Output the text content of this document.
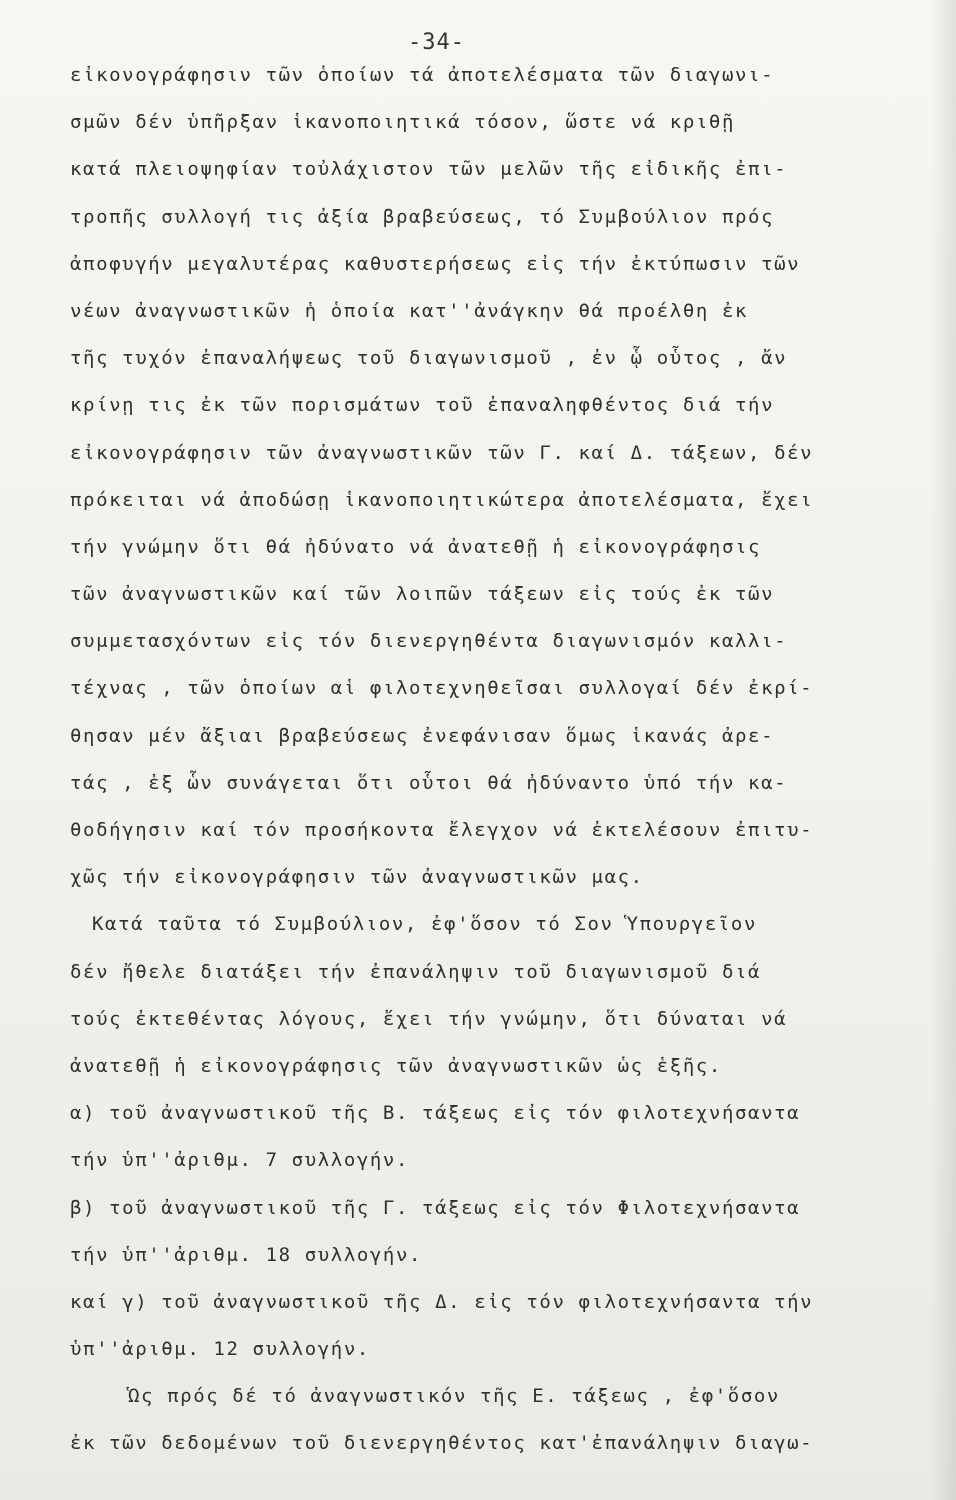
-34-
εἰκονογράφησιν τῶν ὁποίων τά ἀποτελέσματα τῶν διαγωνι-
σμῶν δέν ὑπῆρξαν ἱκανοποιητικά τόσον, ὥστε νά κριθῇ
κατά πλειοψηφίαν τοὐλάχιστον τῶν μελῶν τῆς εἰδικῆς ἐπι-
τροπῆς συλλογή τις ἀξία βραβεύσεως, τό Συμβούλιον πρός
ἀποφυγήν μεγαλυτέρας καθυστερήσεως εἰς τήν ἐκτύπωσιν τῶν
νέων ἀναγνωστικῶν ἡ ὁποία κατ''ἀνάγκην θά προέλθη ἐκ
τῆς τυχόν ἐπαναλήψεως τοῦ διαγωνισμοῦ , ἐν ᾧ οὗτος , ἄν
κρίνῃ τις ἐκ τῶν πορισμάτων τοῦ ἐπαναληφθέντος διά τήν
εἰκονογράφησιν τῶν ἀναγνωστικῶν τῶν Γ. καί Δ. τάξεων, δέν
πρόκειται νά ἀποδώσῃ ἱκανοποιητικώτερα ἀποτελέσματα, ἔχει
τήν γνώμην ὅτι θά ἠδύνατο νά ἀνατεθῇ ἡ εἰκονογράφησις
τῶν ἀναγνωστικῶν καί τῶν λοιπῶν τάξεων εἰς τούς ἐκ τῶν
συμμετασχόντων εἰς τόν διενεργηθέντα διαγωνισμόν καλλι-
τέχνας , τῶν ὁποίων αἱ φιλοτεχνηθεῖσαι συλλογαί δέν ἐκρί-
θησαν μέν ἄξιαι βραβεύσεως ἐνεφάνισαν ὅμως ἱκανάς ἀρε-
τάς , ἐξ ὧν συνάγεται ὅτι οὗτοι θά ἠδύναντο ὑπό τήν κα-
θοδήγησιν καί τόν προσήκοντα ἔλεγχον νά ἐκτελέσουν ἐπιτυ-
χῶς τήν εἰκονογράφησιν τῶν ἀναγνωστικῶν μας.
Κατά ταῦτα τό Συμβούλιον, ἐφ'ὅσον τό Σον Ὑπουργεῖον
δέν ἤθελε διατάξει τήν ἐπανάληψιν τοῦ διαγωνισμοῦ διά
τούς ἐκτεθέντας λόγους, ἔχει τήν γνώμην, ὅτι δύναται νά
ἀνατεθῇ ἡ εἰκονογράφησις τῶν ἀναγνωστικῶν ὡς ἑξῆς.
α) τοῦ ἀναγνωστικοῦ τῆς Β. τάξεως εἰς τόν φιλοτεχνήσαντα
τήν ὑπ''ἀριθμ. 7 συλλογήν.
β) τοῦ ἀναγνωστικοῦ τῆς Γ. τάξεως εἰς τόν Φιλοτεχνήσαντα
τήν ὑπ''ἀριθμ. 18 συλλογήν.
καί γ) τοῦ ἀναγνωστικοῦ τῆς Δ. εἰς τόν φιλοτεχνήσαντα τήν
ὑπ''ἀριθμ. 12 συλλογήν.
Ὡς πρός δέ τό ἀναγνωστικόν τῆς Ε. τάξεως , ἐφ'ὅσον
ἐκ τῶν δεδομένων τοῦ διενεργηθέντος κατ'ἐπανάληψιν διαγω-
